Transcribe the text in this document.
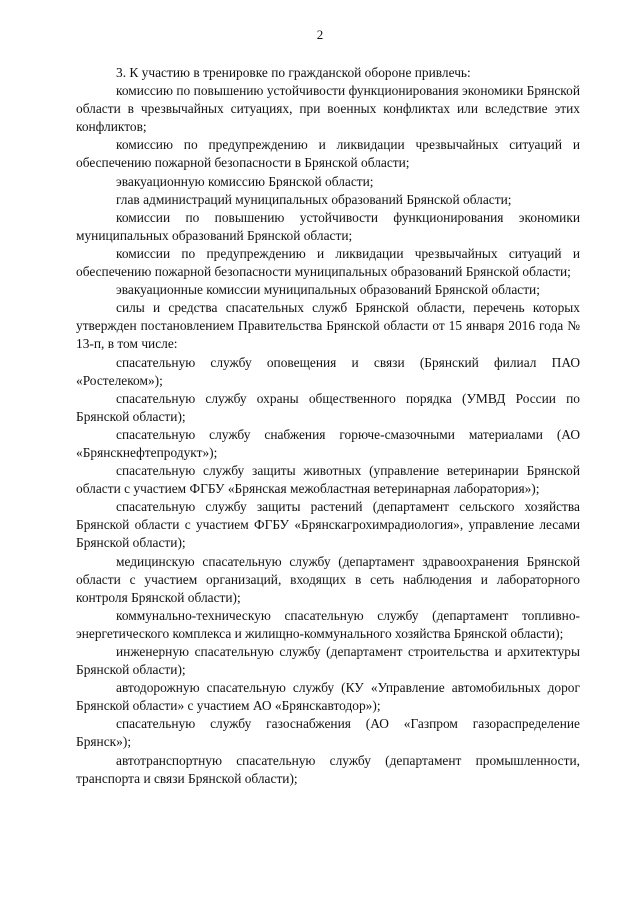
2

3. К участию в тренировке по гражданской обороне привлечь:

комиссию по повышению устойчивости функционирования экономики Брянской области в чрезвычайных ситуациях, при военных конфликтах или вследствие этих конфликтов;

комиссию по предупреждению и ликвидации чрезвычайных ситуаций и обеспечению пожарной безопасности в Брянской области;

эвакуационную комиссию Брянской области;

глав администраций муниципальных образований Брянской области;

комиссии по повышению устойчивости функционирования экономики муниципальных образований Брянской области;

комиссии по предупреждению и ликвидации чрезвычайных ситуаций и обеспечению пожарной безопасности муниципальных образований Брянской области;

эвакуационные комиссии муниципальных образований Брянской области;

силы и средства спасательных служб Брянской области, перечень которых утвержден постановлением Правительства Брянской области от 15 января 2016 года № 13-п, в том числе:

спасательную службу оповещения и связи (Брянский филиал ПАО «Ростелеком»);

спасательную службу охраны общественного порядка (УМВД России по Брянской области);

спасательную службу снабжения горюче-смазочными материалами (АО «Брянскнефтепродукт»);

спасательную службу защиты животных (управление ветеринарии Брянской области с участием ФГБУ «Брянская межобластная ветеринарная лаборатория»);

спасательную службу защиты растений (департамент сельского хозяйства Брянской области с участием ФГБУ «Брянскагрохимрадиология», управление лесами Брянской области);

медицинскую спасательную службу (департамент здравоохранения Брянской области с участием организаций, входящих в сеть наблюдения и лабораторного контроля Брянской области);

коммунально-техническую спасательную службу (департамент топливно-энергетического комплекса и жилищно-коммунального хозяйства Брянской области);

инженерную спасательную службу (департамент строительства и архитектуры Брянской области);

автодорожную спасательную службу (КУ «Управление автомобильных дорог Брянской области» с участием АО «Брянскавтодор»);

спасательную службу газоснабжения (АО «Газпром газораспределение Брянск»);

автотранспортную спасательную службу (департамент промышленности, транспорта и связи Брянской области);
